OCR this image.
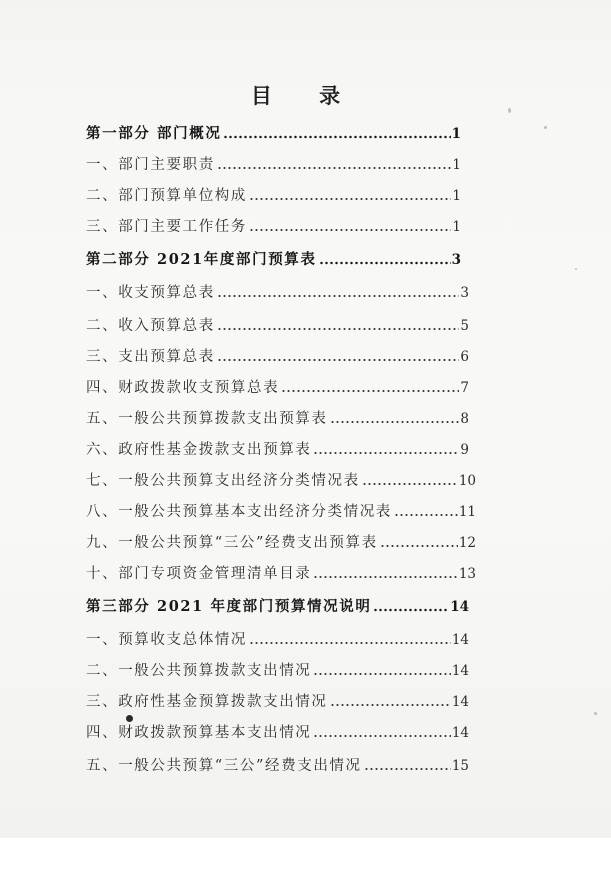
目 录
第一部分 部门概况	1
一、部门主要职责	1
二、部门预算单位构成	1
三、部门主要工作任务	1
第二部分 2021年度部门预算表	3
一、收支预算总表	3
二、收入预算总表	5
三、支出预算总表	6
四、财政拨款收支预算总表	7
五、一般公共预算拨款支出预算表	8
六、政府性基金拨款支出预算表	9
七、一般公共预算支出经济分类情况表	10
八、一般公共预算基本支出经济分类情况表	11
九、一般公共预算“三公”经费支出预算表	12
十、部门专项资金管理清单目录	13
第三部分 2021 年度部门预算情况说明	14
一、预算收支总体情况	14
二、一般公共预算拨款支出情况	14
三、政府性基金预算拨款支出情况	14
四、财政拨款预算基本支出情况	14
五、一般公共预算“三公”经费支出情况	15
